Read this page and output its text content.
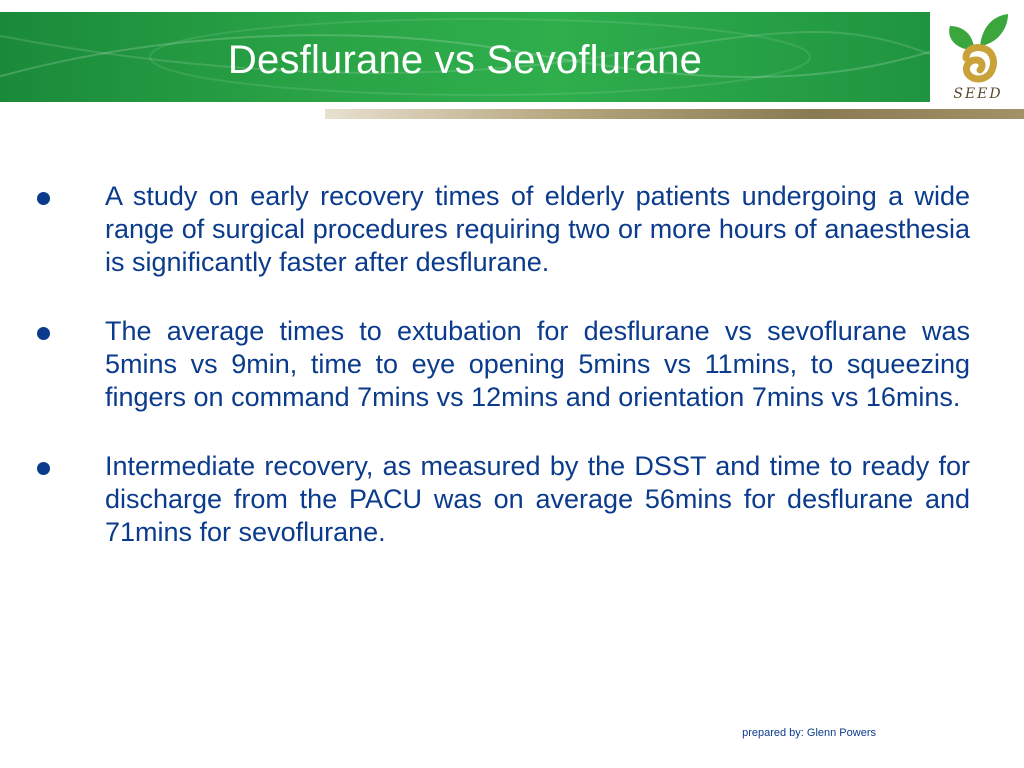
Desflurane vs Sevoflurane
SEED
A study on early recovery times of elderly patients undergoing a wide range of surgical procedures requiring two or more hours of anaesthesia is significantly faster after desflurane.
The average times to extubation for desflurane vs sevoflurane was 5mins vs 9min, time to eye opening 5mins vs 11mins, to squeezing fingers on command 7mins vs 12mins and orientation 7mins vs 16mins.
Intermediate recovery, as measured by the DSST and time to ready for discharge from the PACU was on average 56mins for desflurane and 71mins for sevoflurane.
prepared by: Glenn Powers
